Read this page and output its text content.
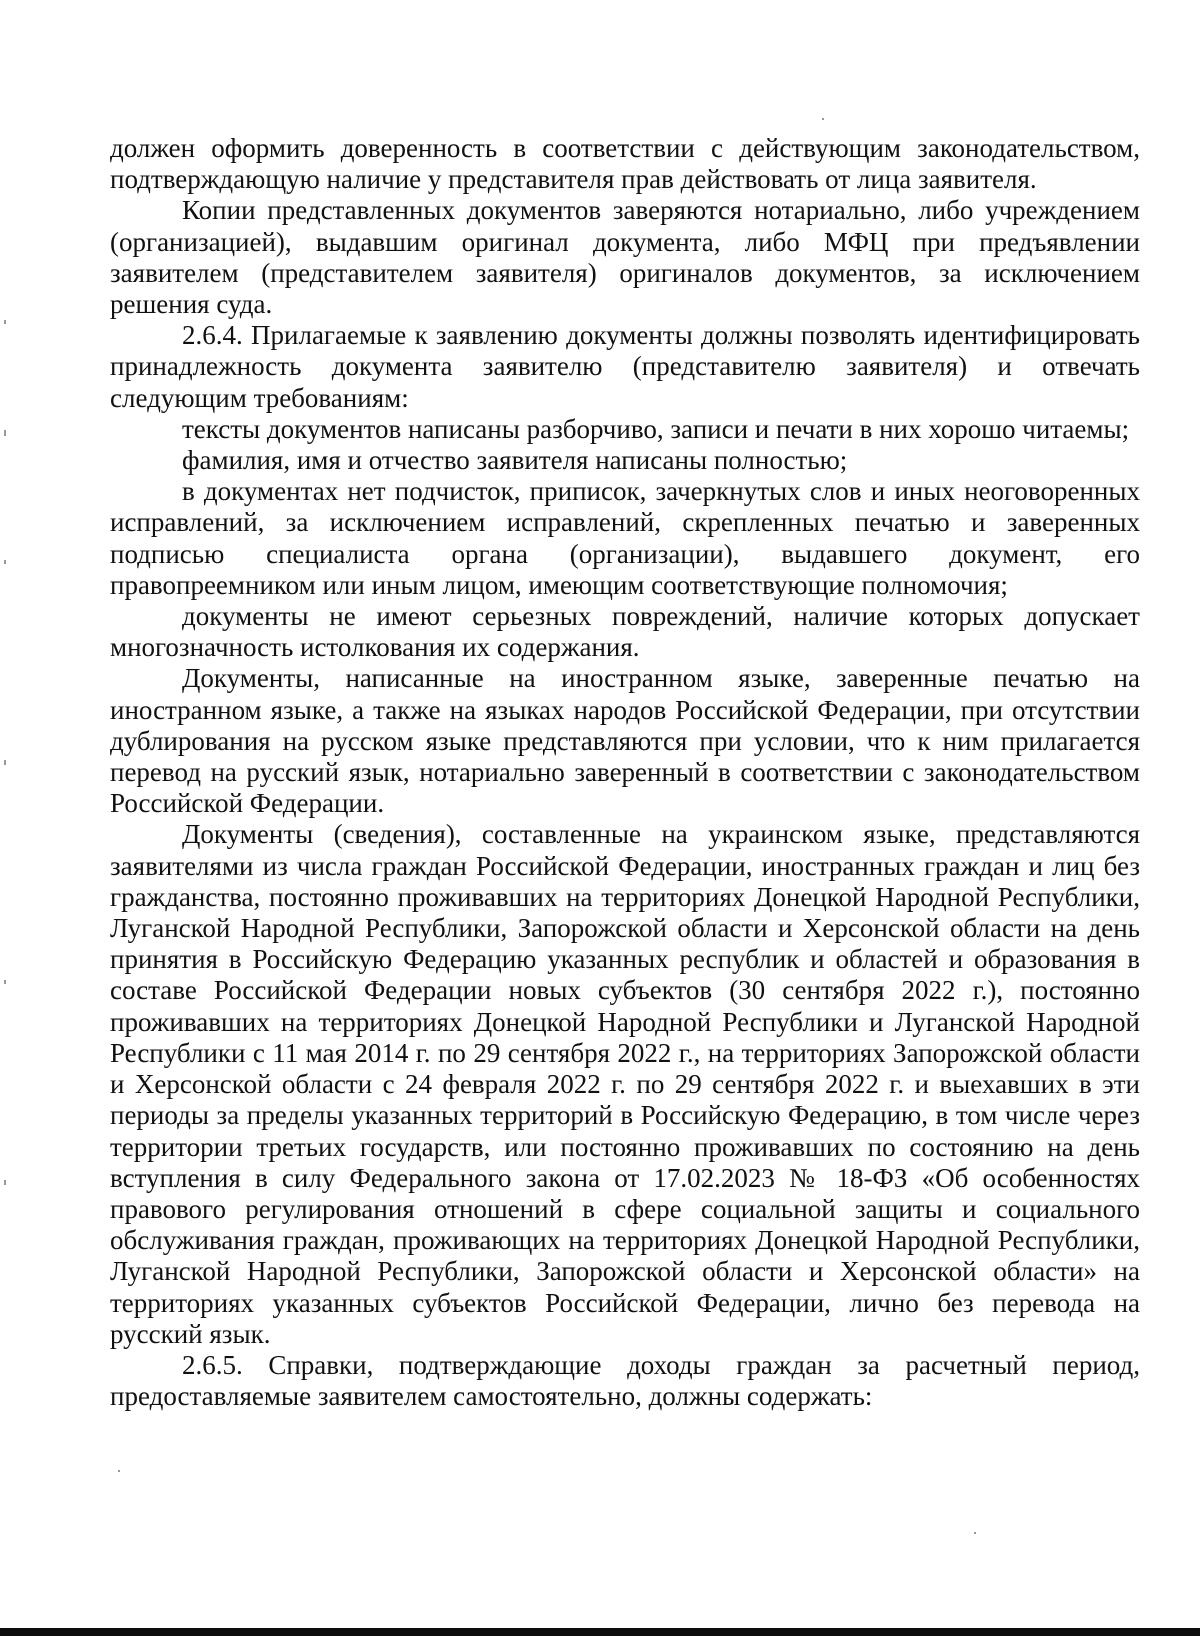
должен оформить доверенность в соответствии с действующим законодательством, подтверждающую наличие у представителя прав действовать от лица заявителя.

Копии представленных документов заверяются нотариально, либо учреждением (организацией), выдавшим оригинал документа, либо МФЦ при предъявлении заявителем (представителем заявителя) оригиналов документов, за исключением решения суда.

2.6.4. Прилагаемые к заявлению документы должны позволять идентифицировать принадлежность документа заявителю (представителю заявителя) и отвечать следующим требованиям:

тексты документов написаны разборчиво, записи и печати в них хорошо читаемы;

фамилия, имя и отчество заявителя написаны полностью;

в документах нет подчисток, приписок, зачеркнутых слов и иных неоговоренных исправлений, за исключением исправлений, скрепленных печатью и заверенных подписью специалиста органа (организации), выдавшего документ, его правопреемником или иным лицом, имеющим соответствующие полномочия;

документы не имеют серьезных повреждений, наличие которых допускает многозначность истолкования их содержания.

Документы, написанные на иностранном языке, заверенные печатью на иностранном языке, а также на языках народов Российской Федерации, при отсутствии дублирования на русском языке представляются при условии, что к ним прилагается перевод на русский язык, нотариально заверенный в соответствии с законодательством Российской Федерации.

Документы (сведения), составленные на украинском языке, представляются заявителями из числа граждан Российской Федерации, иностранных граждан и лиц без гражданства, постоянно проживавших на территориях Донецкой Народной Республики, Луганской Народной Республики, Запорожской области и Херсонской области на день принятия в Российскую Федерацию указанных республик и областей и образования в составе Российской Федерации новых субъектов (30 сентября 2022 г.), постоянно проживавших на территориях Донецкой Народной Республики и Луганской Народной Республики с 11 мая 2014 г. по 29 сентября 2022 г., на территориях Запорожской области и Херсонской области с 24 февраля 2022 г. по 29 сентября 2022 г. и выехавших в эти периоды за пределы указанных территорий в Российскую Федерацию, в том числе через территории третьих государств, или постоянно проживавших по состоянию на день вступления в силу Федерального закона от 17.02.2023 № 18-ФЗ «Об особенностях правового регулирования отношений в сфере социальной защиты и социального обслуживания граждан, проживающих на территориях Донецкой Народной Республики, Луганской Народной Республики, Запорожской области и Херсонской области» на территориях указанных субъектов Российской Федерации, лично без перевода на русский язык.

2.6.5. Справки, подтверждающие доходы граждан за расчетный период, предоставляемые заявителем самостоятельно, должны содержать:
